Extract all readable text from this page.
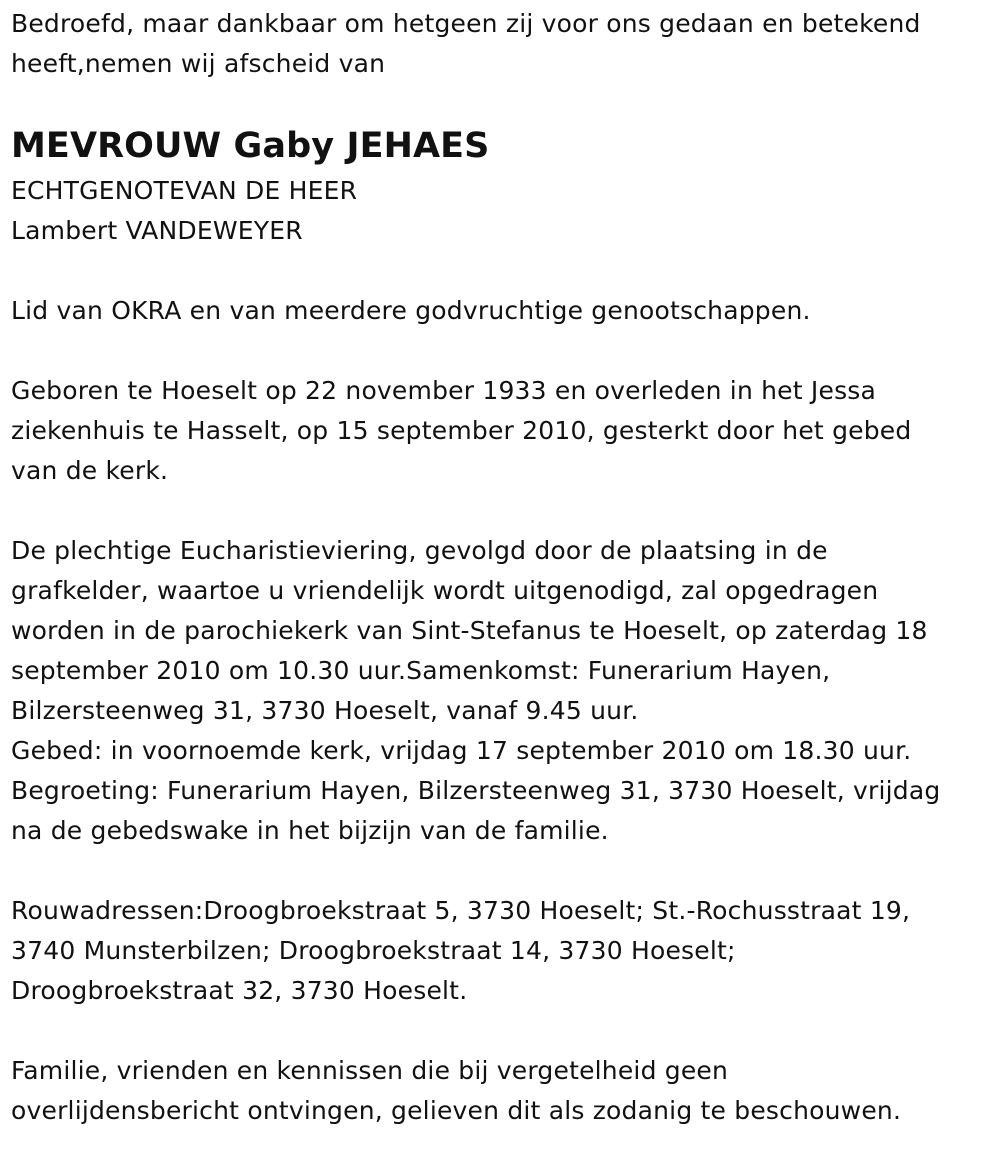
Bedroefd, maar dankbaar om hetgeen zij voor ons gedaan en betekend
heeft,nemen wij afscheid van

MEVROUW Gaby JEHAES

ECHTGENOTEVAN DE HEER
Lambert VANDEWEYER

Lid van OKRA en van meerdere godvruchtige genootschappen.

Geboren te Hoeselt op 22 november 1933 en overleden in het Jessa
ziekenhuis te Hasselt, op 15 september 2010, gesterkt door het gebed
van de kerk.

De plechtige Eucharistieviering, gevolgd door de plaatsing in de
grafkelder, waartoe u vriendelijk wordt uitgenodigd, zal opgedragen
worden in de parochiekerk van Sint-Stefanus te Hoeselt, op zaterdag 18
september 2010 om 10.30 uur.Samenkomst: Funerarium Hayen,
Bilzersteenweg 31, 3730 Hoeselt, vanaf 9.45 uur.
Gebed: in voornoemde kerk, vrijdag 17 september 2010 om 18.30 uur.
Begroeting: Funerarium Hayen, Bilzersteenweg 31, 3730 Hoeselt, vrijdag
na de gebedswake in het bijzijn van de familie.

Rouwadressen:Droogbroekstraat 5, 3730 Hoeselt; St.-Rochusstraat 19,
3740 Munsterbilzen; Droogbroekstraat 14, 3730 Hoeselt;
Droogbroekstraat 32, 3730 Hoeselt.

Familie, vrienden en kennissen die bij vergetelheid geen
overlijdensbericht ontvingen, gelieven dit als zodanig te beschouwen.
